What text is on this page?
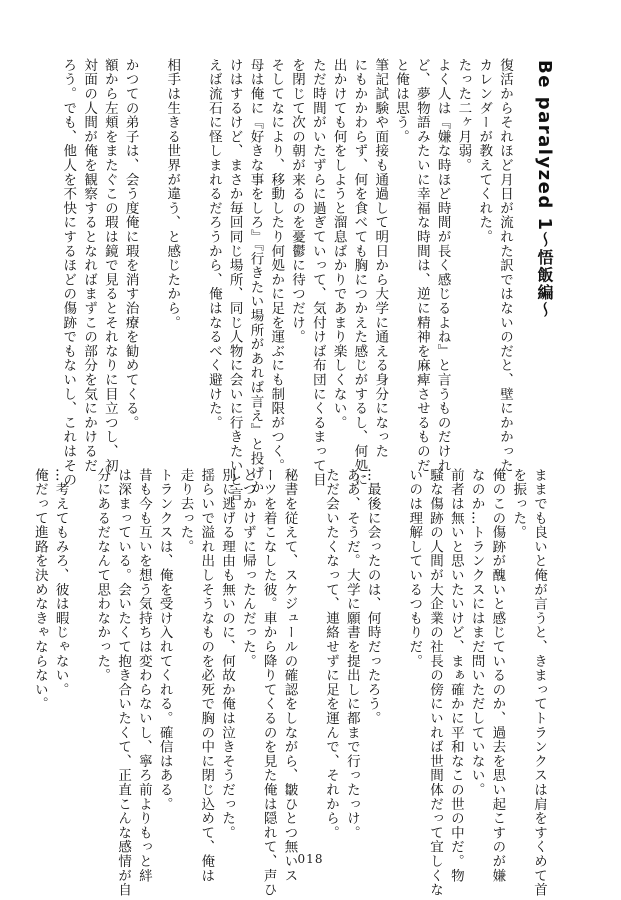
Be paralyzed 1〜悟飯編〜

復活からそれほど月日が流れた訳ではないのだと、壁にかかった

カレンダーが教えてくれた。

たった二ヶ月弱。

よく人は『嫌な時ほど時間が長く感じるよね』と言うものだけれ

ど、夢物語みたいに幸福な時間は、逆に精神を麻痺させるものだ

と俺は思う。

筆記試験や面接も通過して明日から大学に通える身分になった

にもかかわらず、何を食べても胸につかえた感じがするし、何処に

出かけても何をしようと溜息ばかりであまり楽しくない。

ただ時間がいたずらに過ぎていって、気付けば布団にくるまって目

を閉じて次の朝が来るのを憂鬱に待つだけ。

そしてなにより、移動したり何処かに足を運ぶにも制限がつく。

母は俺に『好きな事をしろ』『行きたい場所があれば言え』と投げか

けはするけど、まさか毎回同じ場所、同じ人物に会いに行きたいと言

えば流石に怪しまれるだろうから、俺はなるべく避けた。

相手は生きる世界が違う、と感じたから。

かつての弟子は、会う度俺に瑕を消す治療を勧めてくる。

額から左頬をまたぐこの瑕は鏡で見るとそれなりに目立つし、初

対面の人間が俺を観察するとなればまずこの部分を気にかけるだ

ろう。でも、他人を不快にするほどの傷跡でもないし、これはその

ままでも良いと俺が言うと、きまってトランクスは肩をすくめて首

を振った。

俺のこの傷跡が醜いと感じているのか、過去を思い起こすのが嫌

なのか…トランクスにはまだ問いただしていない。

前者は無いと思いたいけど、まぁ確かに平和なこの世の中だ。物

騒な傷跡の人間が大企業の社長の傍にいれば世間体だって宜しくな

いのは理解しているつもりだ。

…最後に会ったのは、何時だったろう。

ああ、そうだ。大学に願書を提出しに都まで行ったっけ。

ただ会いたくなって、連絡せずに足を運んで、それから。

秘書を従えて、スケジュールの確認をしながら、皺ひとつ無いス

ーツを着こなした彼。車から降りてくるのを見た俺は隠れて、声ひ

とつかけずに帰ったんだった。

別に逃げる理由も無いのに、何故か俺は泣きそうだった。

揺らいで溢れ出しそうなものを必死で胸の中に閉じ込めて、俺は

走り去った。

トランクスは、俺を受け入れてくれる。確信はある。

昔も今も互いを想う気持ちは変わらないし、寧ろ前よりもっと絆

は深まっている。会いたくて抱き合いたくて、正直こんな感情が自

分にあるだなんて思わなかった。

…考えてもみろ、彼は暇じゃない。

俺だって進路を決めなきゃならない。

018
